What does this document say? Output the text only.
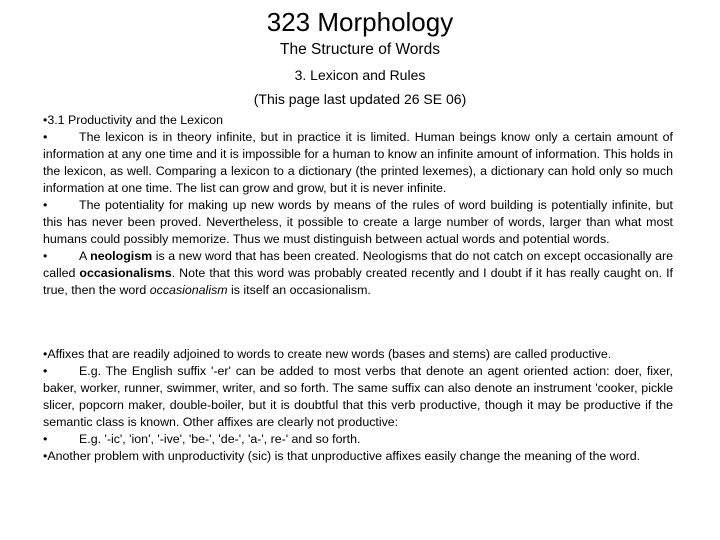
323 Morphology
The Structure of Words
3. Lexicon and Rules
(This page last updated 26 SE 06)

•3.1 Productivity and the Lexicon

•	The lexicon is in theory infinite, but in practice it is limited. Human beings know only a certain amount of information at any one time and it is impossible for a human to know an infinite amount of information. This holds in the lexicon, as well. Comparing a lexicon to a dictionary (the printed lexemes), a dictionary can hold only so much information at one time. The list can grow and grow, but it is never infinite.

•	The potentiality for making up new words by means of the rules of word building is potentially infinite, but this has never been proved. Nevertheless, it possible to create a large number of words, larger than what most humans could possibly memorize. Thus we must distinguish between actual words and potential words.

•	A neologism is a new word that has been created. Neologisms that do not catch on except occasionally are called occasionalisms. Note that this word was probably created recently and I doubt if it has really caught on. If true, then the word occasionalism is itself an occasionalism.

•Affixes that are readily adjoined to words to create new words (bases and stems) are called productive.

•	E.g. The English suffix '-er' can be added to most verbs that denote an agent oriented action: doer, fixer, baker, worker, runner, swimmer, writer, and so forth. The same suffix can also denote an instrument 'cooker, pickle slicer, popcorn maker, double-boiler, but it is doubtful that this verb productive, though it may be productive if the semantic class is known. Other affixes are clearly not productive:

•	E.g. '-ic', 'ion', '-ive', 'be-', 'de-', 'a-', re-' and so forth.

•Another problem with unproductivity (sic) is that unproductive affixes easily change the meaning of the word.
